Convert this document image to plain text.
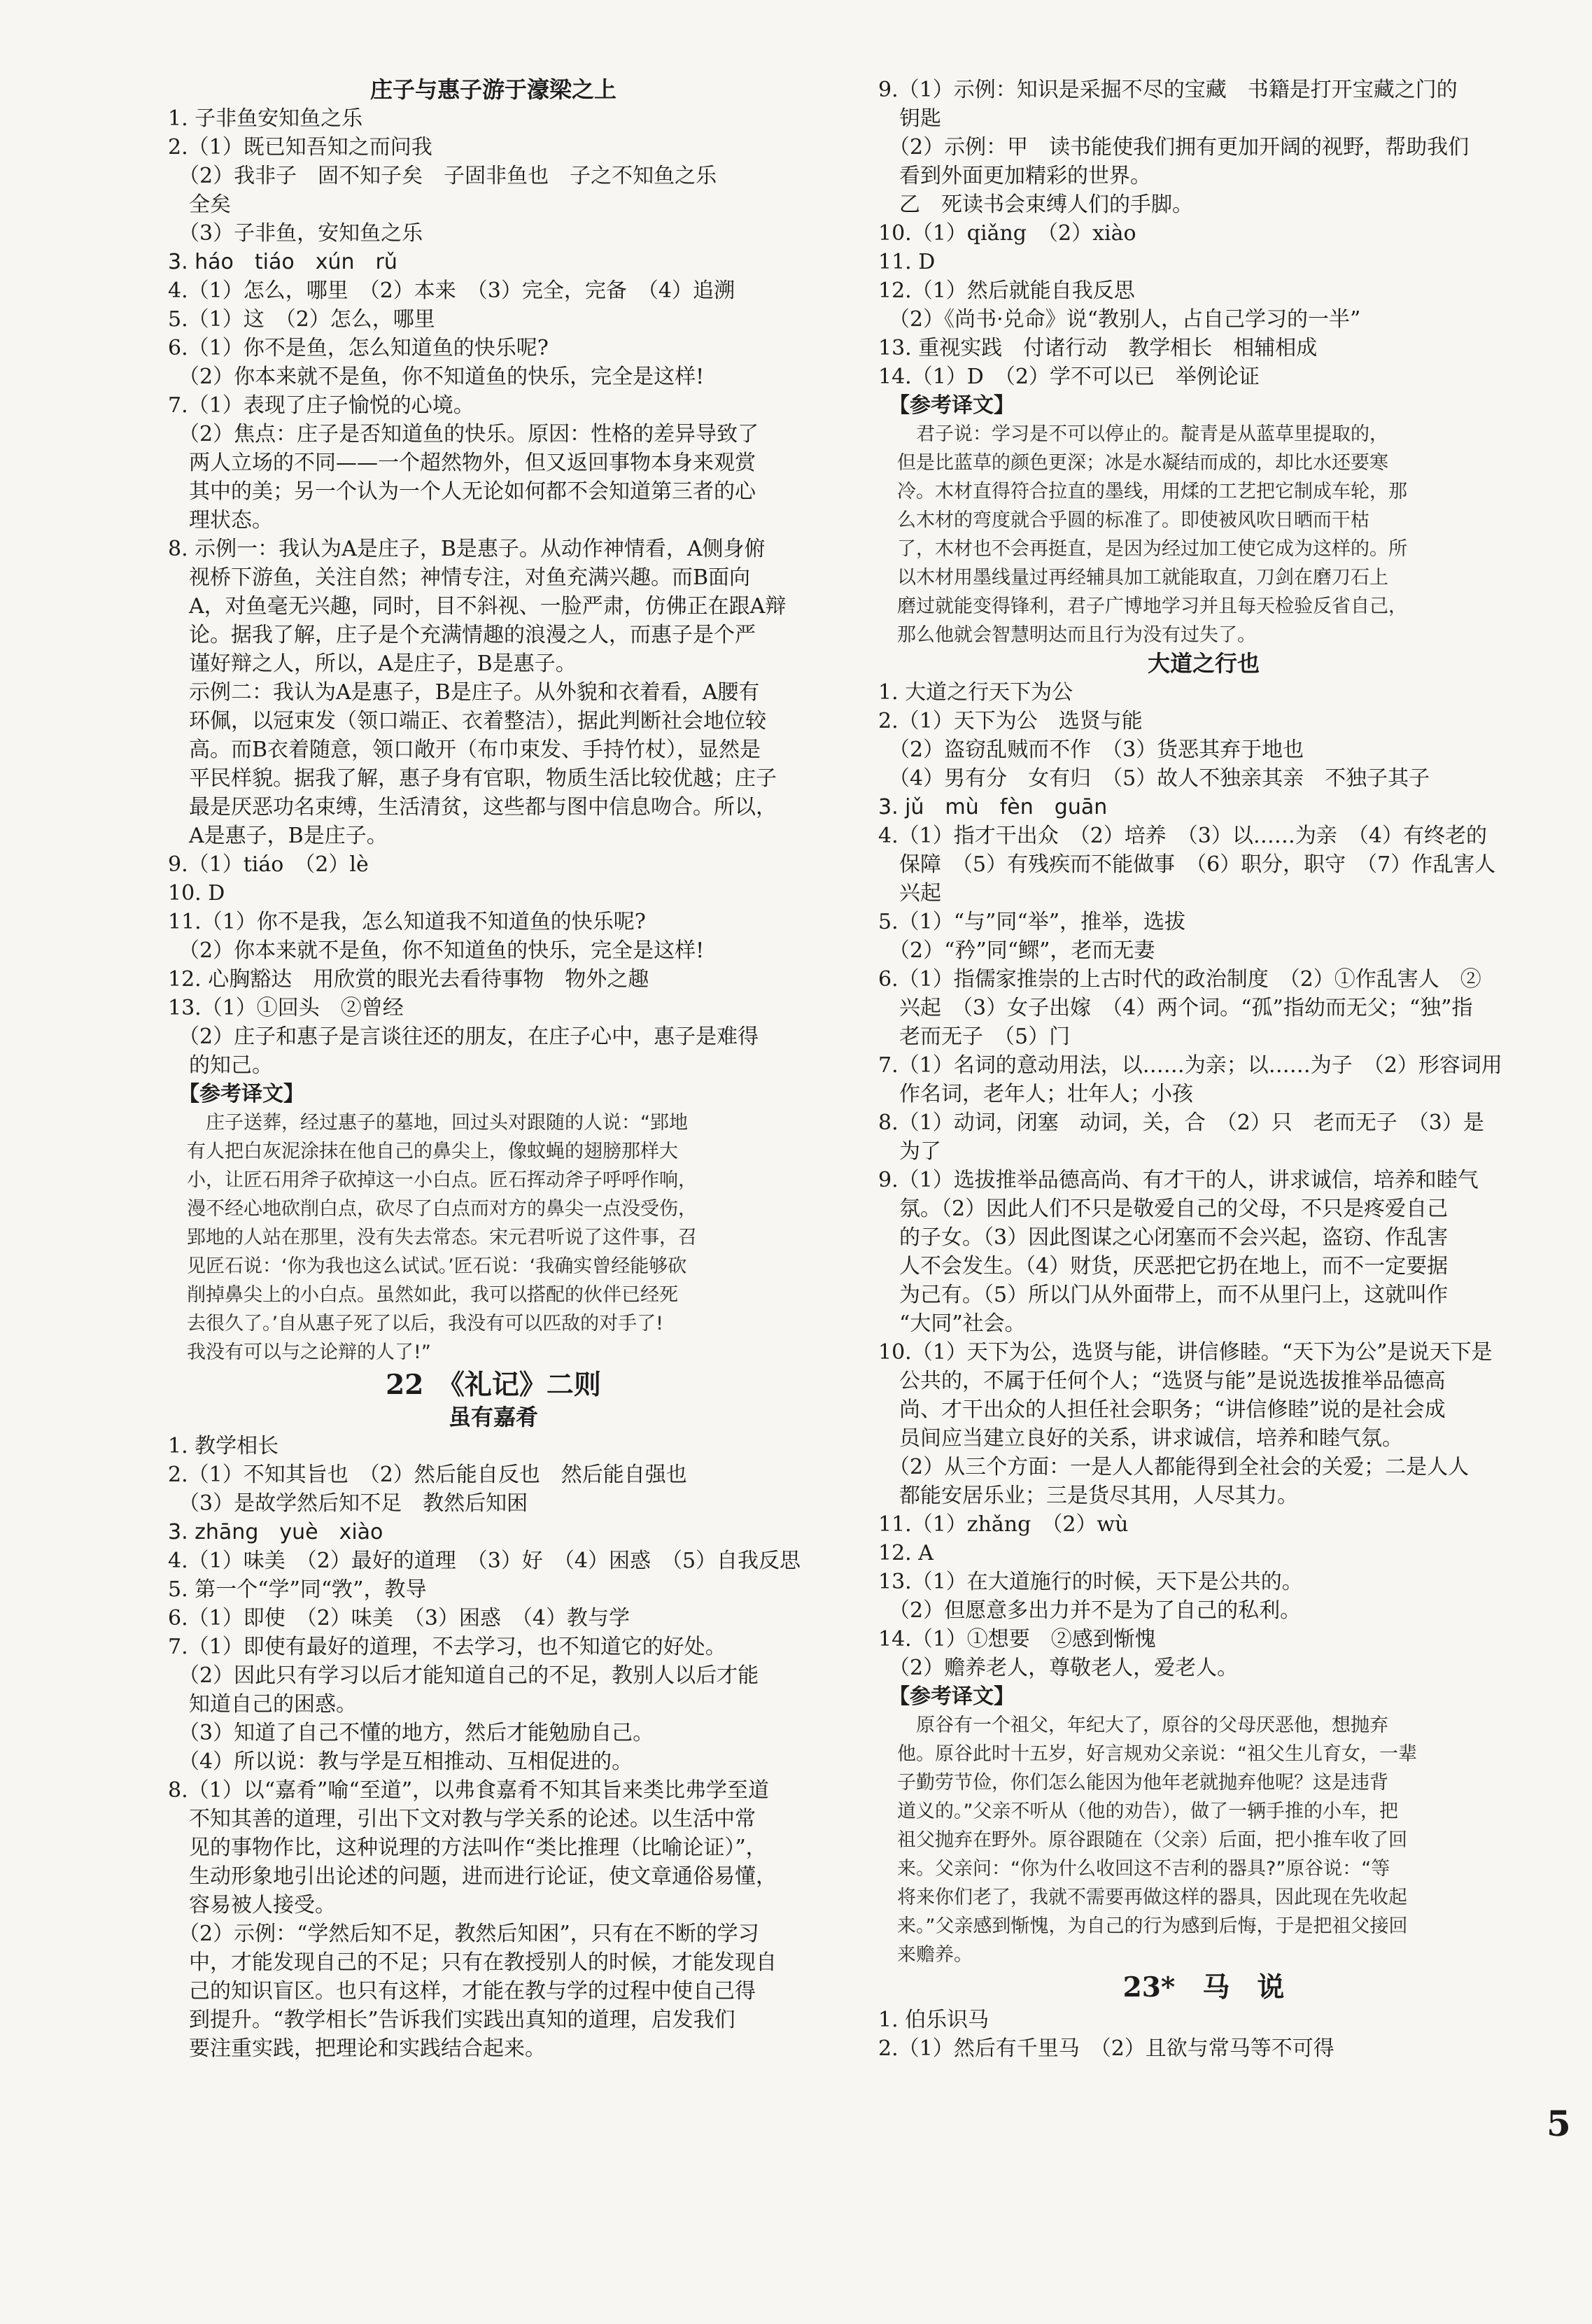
庄子与惠子游于濠梁之上
1. 子非鱼安知鱼之乐
2.（1）既已知吾知之而问我
　（2）我非子　固不知子矣　子固非鱼也　子之不知鱼之乐
　全矣
　（3）子非鱼，安知鱼之乐
3. háo　tiáo　xún　rǔ
4.（1）怎么，哪里　（2）本来　（3）完全，完备　（4）追溯
5.（1）这　（2）怎么，哪里
6.（1）你不是鱼，怎么知道鱼的快乐呢?
　（2）你本来就不是鱼，你不知道鱼的快乐，完全是这样!
7.（1）表现了庄子愉悦的心境。
　（2）焦点：庄子是否知道鱼的快乐。原因：性格的差异导致了
　两人立场的不同——一个超然物外，但又返回事物本身来观赏
　其中的美；另一个认为一个人无论如何都不会知道第三者的心
　理状态。
8. 示例一：我认为A是庄子，B是惠子。从动作神情看，A侧身俯
　视桥下游鱼，关注自然；神情专注，对鱼充满兴趣。而B面向
　A，对鱼毫无兴趣，同时，目不斜视、一脸严肃，仿佛正在跟A辩
　论。据我了解，庄子是个充满情趣的浪漫之人，而惠子是个严
　谨好辩之人，所以，A是庄子，B是惠子。
　示例二：我认为A是惠子，B是庄子。从外貌和衣着看，A腰有
　环佩，以冠束发（领口端正、衣着整洁），据此判断社会地位较
　高。而B衣着随意，领口敞开（布巾束发、手持竹杖），显然是
　平民样貌。据我了解，惠子身有官职，物质生活比较优越；庄子
　最是厌恶功名束缚，生活清贫，这些都与图中信息吻合。所以，
　A是惠子，B是庄子。
9.（1）tiáo　（2）lè
10. D
11.（1）你不是我，怎么知道我不知道鱼的快乐呢?
　（2）你本来就不是鱼，你不知道鱼的快乐，完全是这样!
12. 心胸豁达　用欣赏的眼光去看待事物　物外之趣
13.（1）①回头　②曾经
　（2）庄子和惠子是言谈往还的朋友，在庄子心中，惠子是难得
　的知己。
　【参考译文】
　　庄子送葬，经过惠子的墓地，回过头对跟随的人说：“郢地
　有人把白灰泥涂抹在他自己的鼻尖上，像蚊蝇的翅膀那样大
　小，让匠石用斧子砍掉这一小白点。匠石挥动斧子呼呼作响，
　漫不经心地砍削白点，砍尽了白点而对方的鼻尖一点没受伤，
　郢地的人站在那里，没有失去常态。宋元君听说了这件事，召
　见匠石说：‘你为我也这么试试。’匠石说：‘我确实曾经能够砍
　削掉鼻尖上的小白点。虽然如此，我可以搭配的伙伴已经死
　去很久了。’自从惠子死了以后，我没有可以匹敌的对手了!
　我没有可以与之论辩的人了!”
22　《礼记》二则
虽有嘉肴
1. 教学相长
2.（1）不知其旨也　（2）然后能自反也　然后能自强也
　（3）是故学然后知不足　教然后知困
3. zhāng　yuè　xiào
4.（1）味美　（2）最好的道理　（3）好　（4）困惑　（5）自我反思
5. 第一个“学”同“敩”，教导
6.（1）即使　（2）味美　（3）困惑　（4）教与学
7.（1）即使有最好的道理，不去学习，也不知道它的好处。
　（2）因此只有学习以后才能知道自己的不足，教别人以后才能
　知道自己的困惑。
　（3）知道了自己不懂的地方，然后才能勉励自己。
　（4）所以说：教与学是互相推动、互相促进的。
8.（1）以“嘉肴”喻“至道”，以弗食嘉肴不知其旨来类比弗学至道
　不知其善的道理，引出下文对教与学关系的论述。以生活中常
　见的事物作比，这种说理的方法叫作“类比推理（比喻论证）”，
　生动形象地引出论述的问题，进而进行论证，使文章通俗易懂，
　容易被人接受。
　（2）示例：“学然后知不足，教然后知困”，只有在不断的学习
　中，才能发现自己的不足；只有在教授别人的时候，才能发现自
　己的知识盲区。也只有这样，才能在教与学的过程中使自己得
　到提升。“教学相长”告诉我们实践出真知的道理，启发我们
　要注重实践，把理论和实践结合起来。
9.（1）示例：知识是采掘不尽的宝藏　书籍是打开宝藏之门的
　钥匙
　（2）示例：甲　读书能使我们拥有更加开阔的视野，帮助我们
　看到外面更加精彩的世界。
　乙　死读书会束缚人们的手脚。
10.（1）qiǎng　（2）xiào
11. D
12.（1）然后就能自我反思
　（2）《尚书·兑命》说“教别人，占自己学习的一半”
13. 重视实践　付诸行动　教学相长　相辅相成
14.（1）D　（2）学不可以已　举例论证
　【参考译文】
　　君子说：学习是不可以停止的。靛青是从蓝草里提取的，
　但是比蓝草的颜色更深；冰是水凝结而成的，却比水还要寒
　冷。木材直得符合拉直的墨线，用煣的工艺把它制成车轮，那
　么木材的弯度就合乎圆的标准了。即使被风吹日晒而干枯
　了，木材也不会再挺直，是因为经过加工使它成为这样的。所
　以木材用墨线量过再经辅具加工就能取直，刀剑在磨刀石上
　磨过就能变得锋利，君子广博地学习并且每天检验反省自己，
　那么他就会智慧明达而且行为没有过失了。
大道之行也
1. 大道之行天下为公
2.（1）天下为公　选贤与能
　（2）盗窃乱贼而不作　（3）货恶其弃于地也
　（4）男有分　女有归　（5）故人不独亲其亲　不独子其子
3. jǔ　mù　fèn　guān
4.（1）指才干出众　（2）培养　（3）以……为亲　（4）有终老的
　保障　（5）有残疾而不能做事　（6）职分，职守　（7）作乱害人
　兴起
5.（1）“与”同“举”，推举，选拔
　（2）“矜”同“鳏”，老而无妻
6.（1）指儒家推崇的上古时代的政治制度　（2）①作乱害人　②
　兴起　（3）女子出嫁　（4）两个词。“孤”指幼而无父；“独”指
　老而无子　（5）门
7.（1）名词的意动用法，以……为亲；以……为子　（2）形容词用
　作名词，老年人；壮年人；小孩
8.（1）动词，闭塞　动词，关，合　（2）只　老而无子　（3）是
　为了
9.（1）选拔推举品德高尚、有才干的人，讲求诚信，培养和睦气
　氛。（2）因此人们不只是敬爱自己的父母，不只是疼爱自己
　的子女。（3）因此图谋之心闭塞而不会兴起，盗窃、作乱害
　人不会发生。（4）财货，厌恶把它扔在地上，而不一定要据
　为己有。（5）所以门从外面带上，而不从里闩上，这就叫作
　“大同”社会。
10.（1）天下为公，选贤与能，讲信修睦。“天下为公”是说天下是
　公共的，不属于任何个人；“选贤与能”是说选拔推举品德高
　尚、才干出众的人担任社会职务；“讲信修睦”说的是社会成
　员间应当建立良好的关系，讲求诚信，培养和睦气氛。
　（2）从三个方面：一是人人都能得到全社会的关爱；二是人人
　都能安居乐业；三是货尽其用，人尽其力。
11.（1）zhǎng　（2）wù
12. A
13.（1）在大道施行的时候，天下是公共的。
　（2）但愿意多出力并不是为了自己的私利。
14.（1）①想要　②感到惭愧
　（2）赡养老人，尊敬老人，爱老人。
　【参考译文】
　　原谷有一个祖父，年纪大了，原谷的父母厌恶他，想抛弃
　他。原谷此时十五岁，好言规劝父亲说：“祖父生儿育女，一辈
　子勤劳节俭，你们怎么能因为他年老就抛弃他呢？这是违背
　道义的。”父亲不听从（他的劝告），做了一辆手推的小车，把
　祖父抛弃在野外。原谷跟随在（父亲）后面，把小推车收了回
　来。父亲问：“你为什么收回这不吉利的器具?”原谷说：“等
　将来你们老了，我就不需要再做这样的器具，因此现在先收起
　来。”父亲感到惭愧，为自己的行为感到后悔，于是把祖父接回
　来赡养。
23*　马　说
1. 伯乐识马
2.（1）然后有千里马　（2）且欲与常马等不可得
5
